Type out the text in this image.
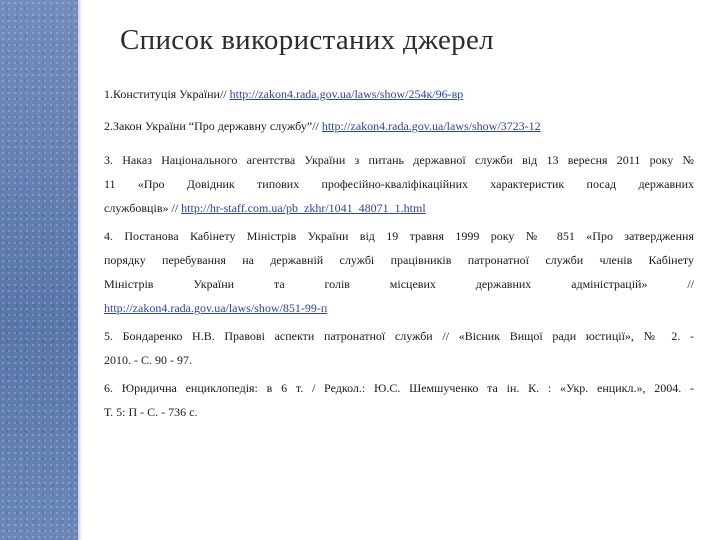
Список використаних джерел
1.Конституція України// http://zakon4.rada.gov.ua/laws/show/254к/96-вр
2.Закон України “Про державну службу”// http://zakon4.rada.gov.ua/laws/show/3723-12
3. Наказ Національного агентства України з питань державної служби від 13 вересня 2011 року №
11 «Про Довідник типових професійно-кваліфікаційних характеристик посад державних
службовців» // http://hr-staff.com.ua/pb_zkhr/1041_48071_1.html
4. Постанова Кабінету Міністрів України від 19 травня 1999 року № 851 «Про затвердження
порядку перебування на державній службі працівників патронатної служби членів Кабінету
Міністрів України та голів місцевих державних адміністрацій» //
http://zakon4.rada.gov.ua/laws/show/851-99-п
5. Бондаренко Н.В. Правові аспекти патронатної служби // «Вісник Вищої ради юстиції», № 2. -
2010. - С. 90 - 97.
6. Юридична енциклопедія: в 6 т. / Редкол.: Ю.С. Шемшученко та ін. К. : «Укр. енцикл.», 2004. -
Т. 5: П - С. - 736 с.
